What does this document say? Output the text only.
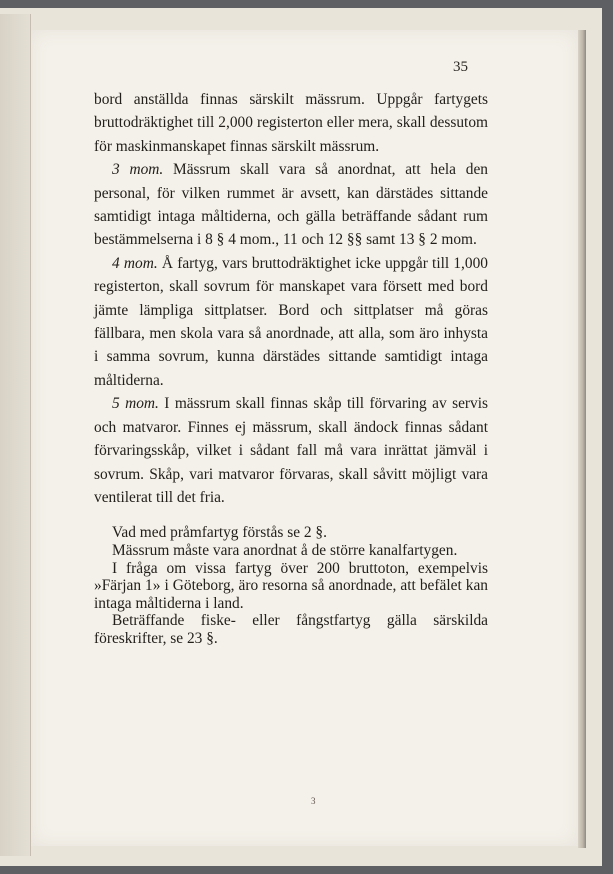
35

bord anställda finnas särskilt mässrum. Uppgår fartygets bruttodräktighet till 2,000 registerton eller mera, skall dessutom för maskinmanskapet finnas särskilt mässrum.

3 mom. Mässrum skall vara så anordnat, att hela den personal, för vilken rummet är avsett, kan därstädes sittande samtidigt intaga måltiderna, och gälla beträffande sådant rum bestämmelserna i 8 § 4 mom., 11 och 12 §§ samt 13 § 2 mom.

4 mom. Å fartyg, vars bruttodräktighet icke uppgår till 1,000 registerton, skall sovrum för manskapet vara försett med bord jämte lämpliga sittplatser. Bord och sittplatser må göras fällbara, men skola vara så anordnade, att alla, som äro inhysta i samma sovrum, kunna därstädes sittande samtidigt intaga måltiderna.

5 mom. I mässrum skall finnas skåp till förvaring av servis och matvaror. Finnes ej mässrum, skall ändock finnas sådant förvaringsskåp, vilket i sådant fall må vara inrättat jämväl i sovrum. Skåp, vari matvaror förvaras, skall såvitt möjligt vara ventilerat till det fria.

Vad med pråmfartyg förstås se 2 §.

Mässrum måste vara anordnat å de större kanalfartygen.

I fråga om vissa fartyg över 200 bruttoton, exempelvis »Färjan 1» i Göteborg, äro resorna så anordnade, att befälet kan intaga måltiderna i land.

Beträffande fiske- eller fångstfartyg gälla särskilda föreskrifter, se 23 §.

3
